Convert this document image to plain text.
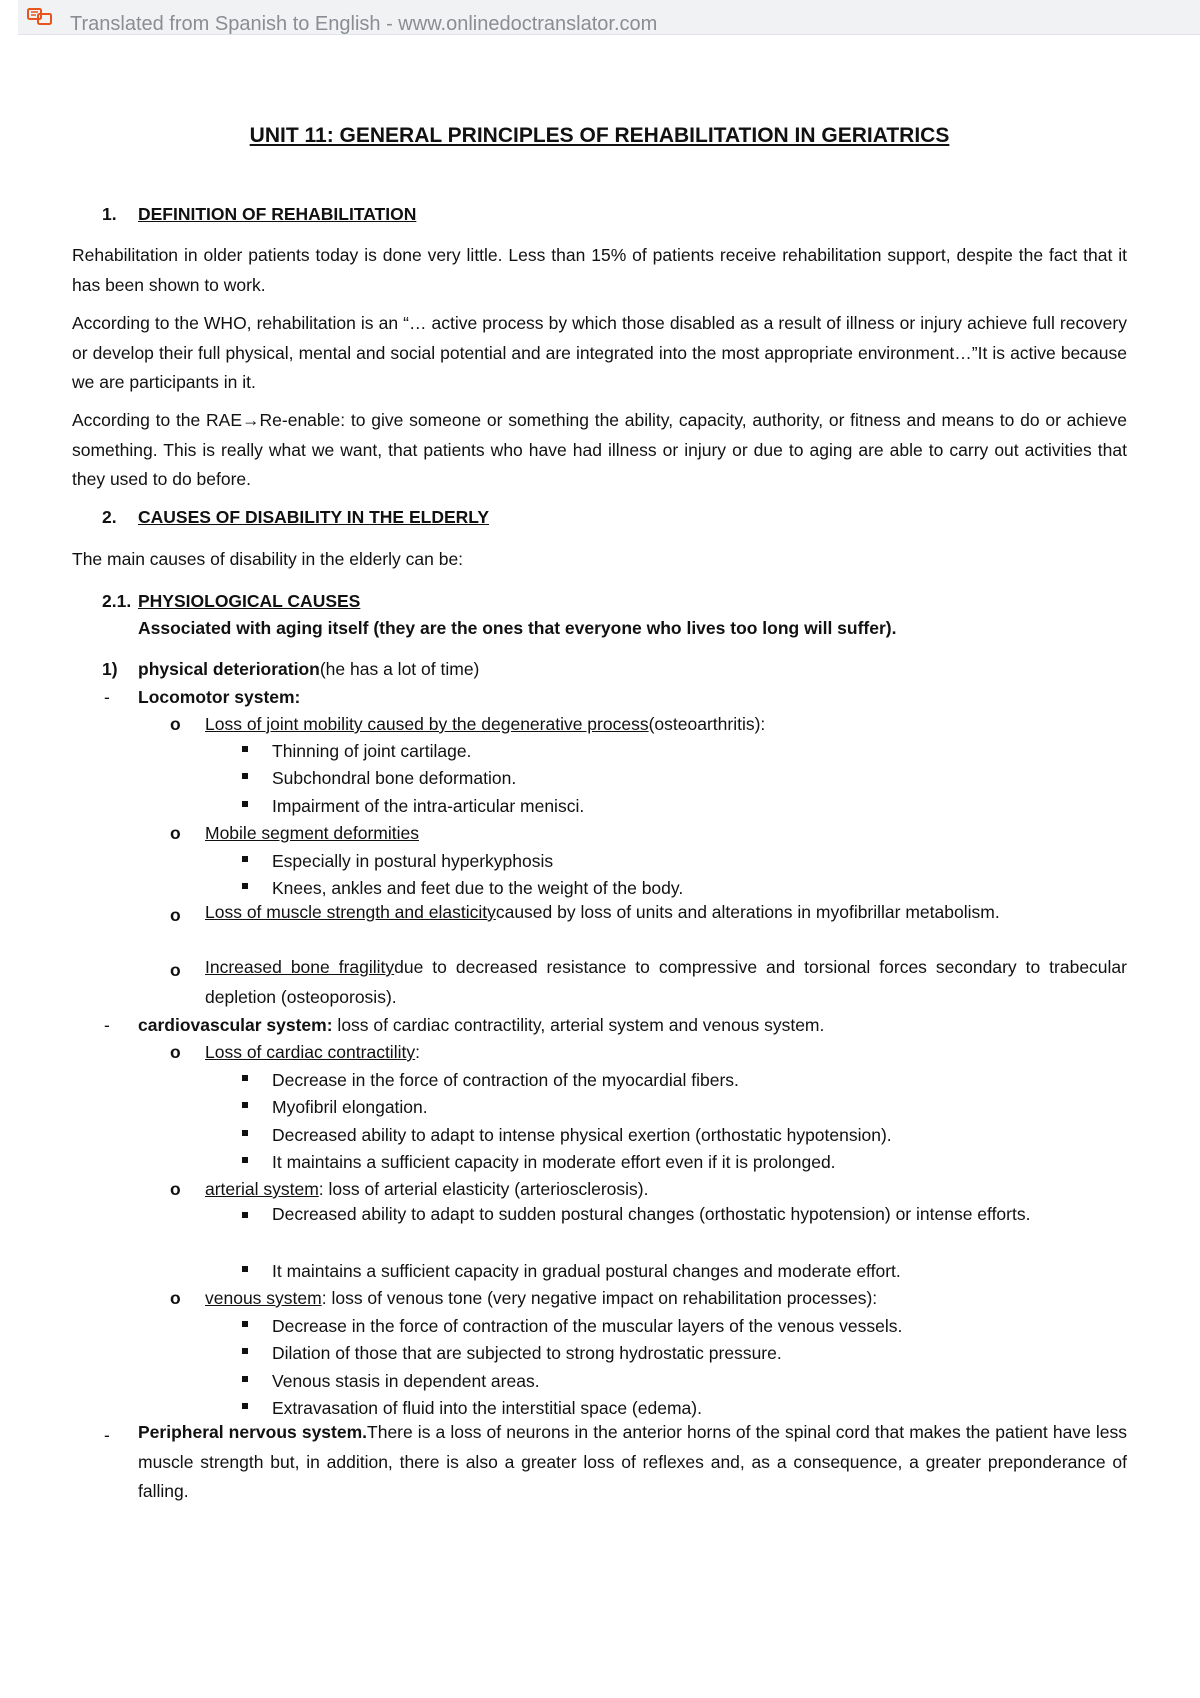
Translated from Spanish to English - www.onlinedoctranslator.com
UNIT 11: GENERAL PRINCIPLES OF REHABILITATION IN GERIATRICS
1. DEFINITION OF REHABILITATION
Rehabilitation in older patients today is done very little. Less than 15% of patients receive rehabilitation support, despite the fact that it has been shown to work.
According to the WHO, rehabilitation is an “… active process by which those disabled as a result of illness or injury achieve full recovery or develop their full physical, mental and social potential and are integrated into the most appropriate environment…”It is active because we are participants in it.
According to the RAE→Re-enable: to give someone or something the ability, capacity, authority, or fitness and means to do or achieve something. This is really what we want, that patients who have had illness or injury or due to aging are able to carry out activities that they used to do before.
2. CAUSES OF DISABILITY IN THE ELDERLY
The main causes of disability in the elderly can be:
2.1. PHYSIOLOGICAL CAUSES
Associated with aging itself (they are the ones that everyone who lives too long will suffer).
1) physical deterioration(he has a lot of time)
- Locomotor system:
o Loss of joint mobility caused by the degenerative process(osteoarthritis):
Thinning of joint cartilage.
Subchondral bone deformation.
Impairment of the intra-articular menisci.
o Mobile segment deformities
Especially in postural hyperkyphosis
Knees, ankles and feet due to the weight of the body.
o Loss of muscle strength and elasticitycaused by loss of units and alterations in myofibrillar metabolism.
o Increased bone fragilitydue to decreased resistance to compressive and torsional forces secondary to trabecular depletion (osteoporosis).
- cardiovascular system: loss of cardiac contractility, arterial system and venous system.
o Loss of cardiac contractility:
Decrease in the force of contraction of the myocardial fibers.
Myofibril elongation.
Decreased ability to adapt to intense physical exertion (orthostatic hypotension).
It maintains a sufficient capacity in moderate effort even if it is prolonged.
o arterial system: loss of arterial elasticity (arteriosclerosis).
Decreased ability to adapt to sudden postural changes (orthostatic hypotension) or intense efforts.
It maintains a sufficient capacity in gradual postural changes and moderate effort.
o venous system: loss of venous tone (very negative impact on rehabilitation processes):
Decrease in the force of contraction of the muscular layers of the venous vessels.
Dilation of those that are subjected to strong hydrostatic pressure.
Venous stasis in dependent areas.
Extravasation of fluid into the interstitial space (edema).
- Peripheral nervous system.There is a loss of neurons in the anterior horns of the spinal cord that makes the patient have less muscle strength but, in addition, there is also a greater loss of reflexes and, as a consequence, a greater preponderance of falling.
